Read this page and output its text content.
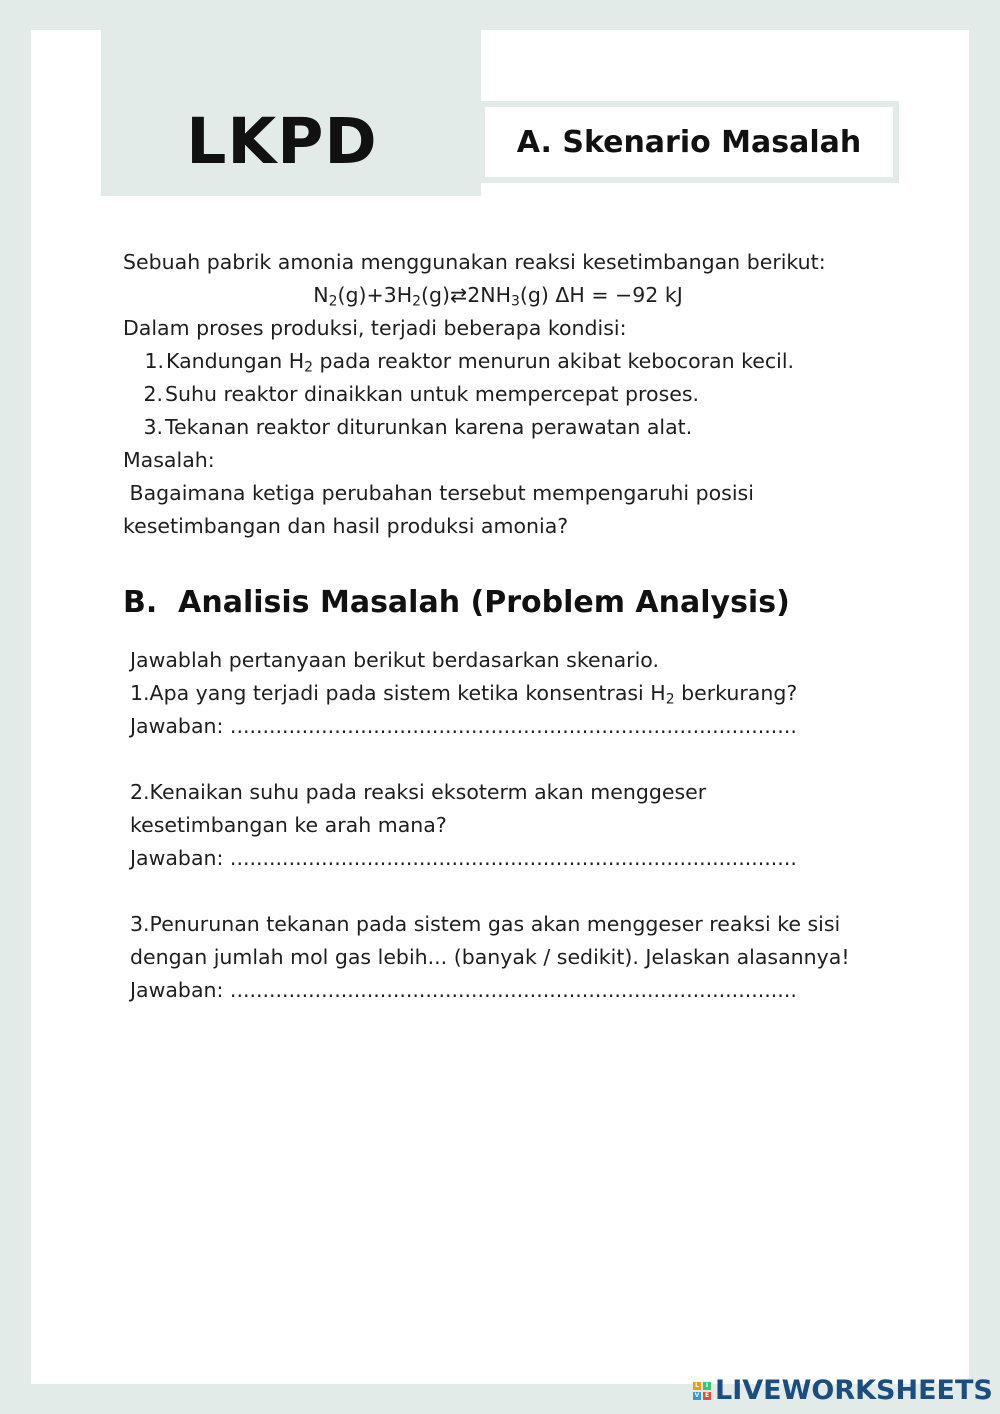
LKPD	A. Skenario Masalah

Sebuah pabrik amonia menggunakan reaksi kesetimbangan berikut:

$N_2(g)+3H_2(g)⇄2NH_3(g) \Delta H = -92$ kJ

Dalam proses produksi, terjadi beberapa kondisi:

1. Kandungan $H_2$ pada reaktor menurun akibat kebocoran kecil.
2. Suhu reaktor dinaikkan untuk mempercepat proses.
3. Tekanan reaktor diturunkan karena perawatan alat.

Masalah:

Bagaimana ketiga perubahan tersebut mempengaruhi posisi

kesetimbangan dan hasil produksi amonia?

B.  Analisis Masalah (Problem Analysis)

Jawablah pertanyaan berikut berdasarkan skenario.

1.Apa yang terjadi pada sistem ketika konsentrasi $H_2$ berkurang?

Jawaban: .......................................................................................

2.Kenaikan suhu pada reaksi eksoterm akan menggeser

kesetimbangan ke arah mana?

Jawaban: .......................................................................................

3.Penurunan tekanan pada sistem gas akan menggeser reaksi ke sisi

dengan jumlah mol gas lebih... (banyak / sedikit). Jelaskan alasannya!

Jawaban: .......................................................................................

L	I
V E LIVEWORKSHEETS
